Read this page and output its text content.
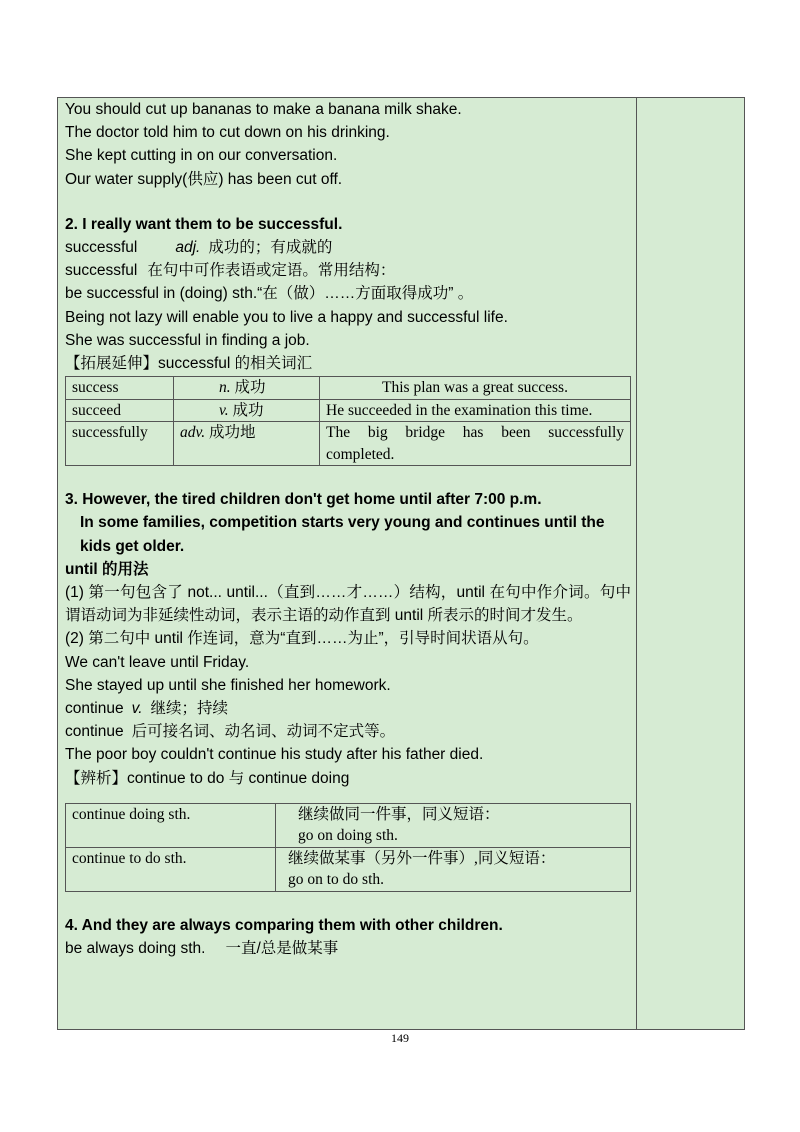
You should cut up bananas to make a banana milk shake.
The doctor told him to cut down on his drinking.
She kept cutting in on our conversation.
Our water supply(供应) has been cut off.
2. I really want them to be successful.
successful adj. 成功的；有成就的
successful 在句中可作表语或定语。常用结构：
be successful in (doing) sth.“在（做）……方面取得成功” 。
Being not lazy will enable you to live a happy and successful life.
She was successful in finding a job.
【拓展延伸】successful 的相关词汇
success	n. 成功	This plan was a great success.
succeed	v. 成功	He succeeded in the examination this time.
successfully	adv. 成功地	The big bridge has been successfully completed.
3. However, the tired children don't get home until after 7:00 p.m.
In some families, competition starts very young and continues until the
kids get older.
until 的用法
(1) 第一句包含了 not... until...（直到……才……）结构，until 在句中作介词。句中谓语动词为非延续性动词，表示主语的动作直到 until 所表示的时间才发生。
(2) 第二句中 until 作连词，意为“直到……为止”，引导时间状语从句。
We can't leave until Friday.
She stayed up until she finished her homework.
continue v. 继续；持续
continue 后可接名词、动名词、动词不定式等。
The poor boy couldn't continue his study after his father died.
【辨析】continue to do 与 continue doing
continue doing sth.	继续做同一件事，同义短语：
go on doing sth.

continue to do sth.	继续做某事（另外一件事）,同义短语：
go on to do sth.
4. And they are always comparing them with other children.
be always doing sth. 一直/总是做某事
149
